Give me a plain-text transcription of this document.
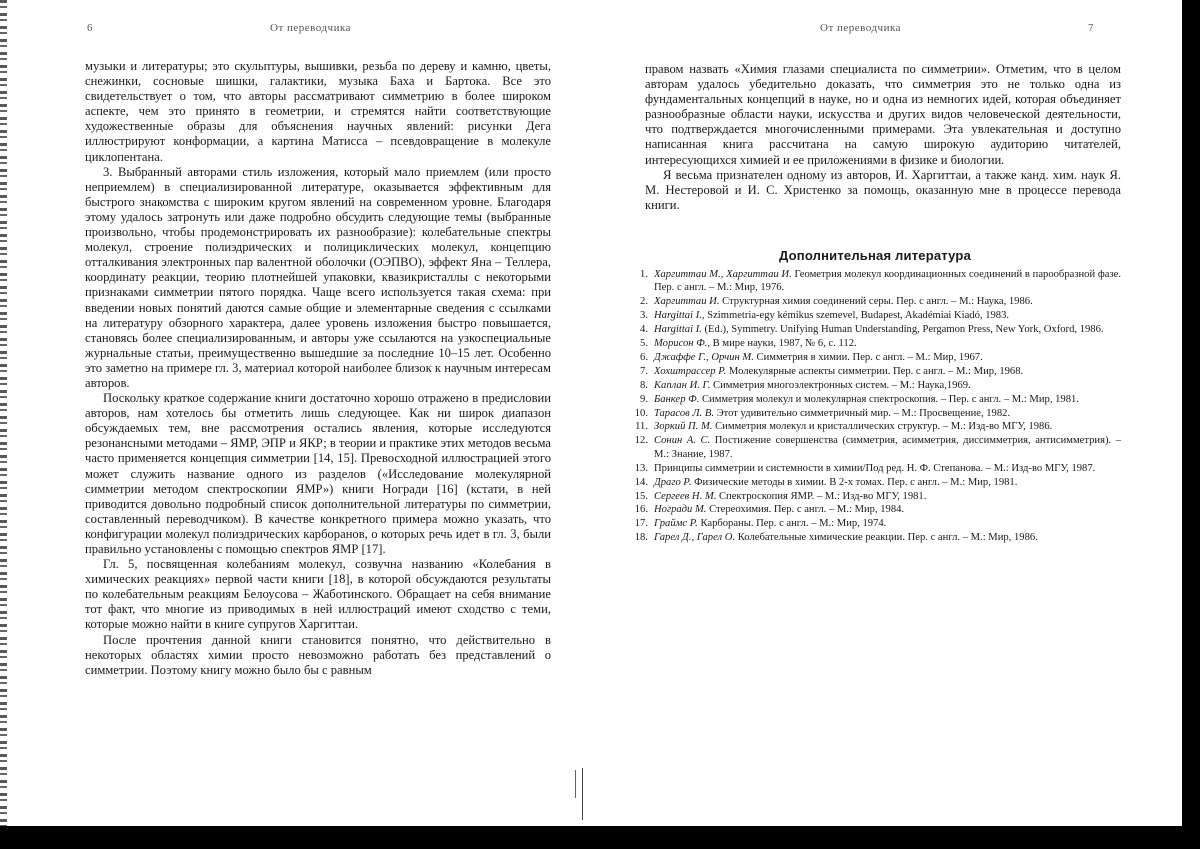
6	От переводчика

музыки и литературы; это скульптуры, вышивки, резьба по дереву и камню, цветы, снежинки, сосновые шишки, галактики, музыка Баха и Бартока. Все это свидетельствует о том, что авторы рассматривают симметрию в более широком аспекте, чем это принято в геометрии, и стремятся найти соответствующие художественные образы для объяснения научных явлений: рисунки Дега иллюстрируют конформации, а картина Матисса – псевдовращение в молекуле циклопентана.

3. Выбранный авторами стиль изложения, который мало приемлем (или просто неприемлем) в специализированной литературе, оказывается эффективным для быстрого знакомства с широким кругом явлений на современном уровне. Благодаря этому удалось затронуть или даже подробно обсудить следующие темы (выбранные произвольно, чтобы продемонстрировать их разнообразие): колебательные спектры молекул, строение полиэдрических и полициклических молекул, концепцию отталкивания электронных пар валентной оболочки (ОЭПВО), эффект Яна – Теллера, координату реакции, теорию плотнейшей упаковки, квазикристаллы с некоторыми признаками симметрии пятого порядка. Чаще всего используется такая схема: при введении новых понятий даются самые общие и элементарные сведения с ссылками на литературу обзорного характера, далее уровень изложения быстро повышается, становясь более специализированным, и авторы уже ссылаются на узкоспециальные журнальные статьи, преимущественно вышедшие за последние 10–15 лет. Особенно это заметно на примере гл. 3, материал которой наиболее близок к научным интересам авторов.

Поскольку краткое содержание книги достаточно хорошо отражено в предисловии авторов, нам хотелось бы отметить лишь следующее. Как ни широк диапазон обсуждаемых тем, вне рассмотрения остались явления, которые исследуются резонансными методами – ЯМР, ЭПР и ЯКР; в теории и практике этих методов весьма часто применяется концепция симметрии [14, 15]. Превосходной иллюстрацией этого может служить название одного из разделов («Исследование молекулярной симметрии методом спектроскопии ЯМР») книги Ногради [16] (кстати, в ней приводится довольно подробный список дополнительной литературы по симметрии, составленный переводчиком). В качестве конкретного примера можно указать, что конфигурации молекул полиэдрических карборанов, о которых речь идет в гл. 3, были правильно установлены с помощью спектров ЯМР [17].

Гл. 5, посвященная колебаниям молекул, созвучна названию «Колебания в химических реакциях» первой части книги [18], в которой обсуждаются результаты по колебательным реакциям Белоусова – Жаботинского. Обращает на себя внимание тот факт, что многие из приводимых в ней иллюстраций имеют сходство с теми, которые можно найти в книге супругов Харгиттаи.

После прочтения данной книги становится понятно, что действительно в некоторых областях химии просто невозможно работать без представлений о симметрии. Поэтому книгу можно было бы с равным

От переводчика	7

правом назвать «Химия глазами специалиста по симметрии». Отметим, что в целом авторам удалось убедительно доказать, что симметрия это не только одна из фундаментальных концепций в науке, но и одна из немногих идей, которая объединяет разнообразные области науки, искусства и других видов человеческой деятельности, что подтверждается многочисленными примерами. Эта увлекательная и доступно написанная книга рассчитана на самую широкую аудиторию читателей, интересующихся химией и ее приложениями в физике и биологии.

Я весьма признателен одному из авторов, И. Харгиттаи, а также канд. хим. наук Я. М. Нестеровой и И. С. Христенко за помощь, оказанную мне в процессе перевода книги.

Дополнительная литература
1. Харгиттаи М., Харгиттаи И. Геометрия молекул координационных соединений в парообразной фазе. Пер. с англ. – М.: Мир, 1976.
2. Харгиттаи И. Структурная химия соединений серы. Пер. с англ. – М.: Наука, 1986.
3. Hargittai I., Szimmetria-egy kémikus szemevel, Budapest, Akadémiai Kiadó, 1983.
4. Hargittai I. (Ed.), Symmetry. Unifying Human Understanding, Pergamon Press, New York, Oxford, 1986.
5. Морисон Ф., В мире науки, 1987, № 6, с. 112.
6. Джаффе Г., Орчин М. Симметрия в химии. Пер. с англ. – М.: Мир, 1967.
7. Хохштрассер Р. Молекулярные аспекты симметрии. Пер. с англ. – М.: Мир, 1968.
8. Каплан И. Г. Симметрия многоэлектронных систем. – М.: Наука,1969.
9. Банкер Ф. Симметрия молекул и молекулярная спектроскопия. – Пер. с англ. – М.: Мир, 1981.
10. Тарасов Л. В. Этот удивительно симметричный мир. – М.: Просвещение, 1982.
11. Зоркий П. М. Симметрия молекул и кристаллических структур. – М.: Изд-во МГУ, 1986.
12. Сонин А. С. Постижение совершенства (симметрия, асимметрия, диссимметрия, антисимметрия). – М.: Знание, 1987.
13. Принципы симметрии и системности в химии/Под ред. Н. Ф. Степанова. – М.: Изд-во МГУ, 1987.
14. Драго Р. Физические методы в химии. В 2-х томах. Пер. с англ. – М.: Мир, 1981.
15. Сергеев Н. М. Спектроскопия ЯМР. – М.: Изд-во МГУ, 1981.
16. Ногради М. Стереохимия. Пер. с англ. – М.: Мир, 1984.
17. Граймс Р. Карбораны. Пер. с англ. – М.: Мир, 1974.
18. Гарел Д., Гарел О. Колебательные химические реакции. Пер. с англ. – М.: Мир, 1986.
